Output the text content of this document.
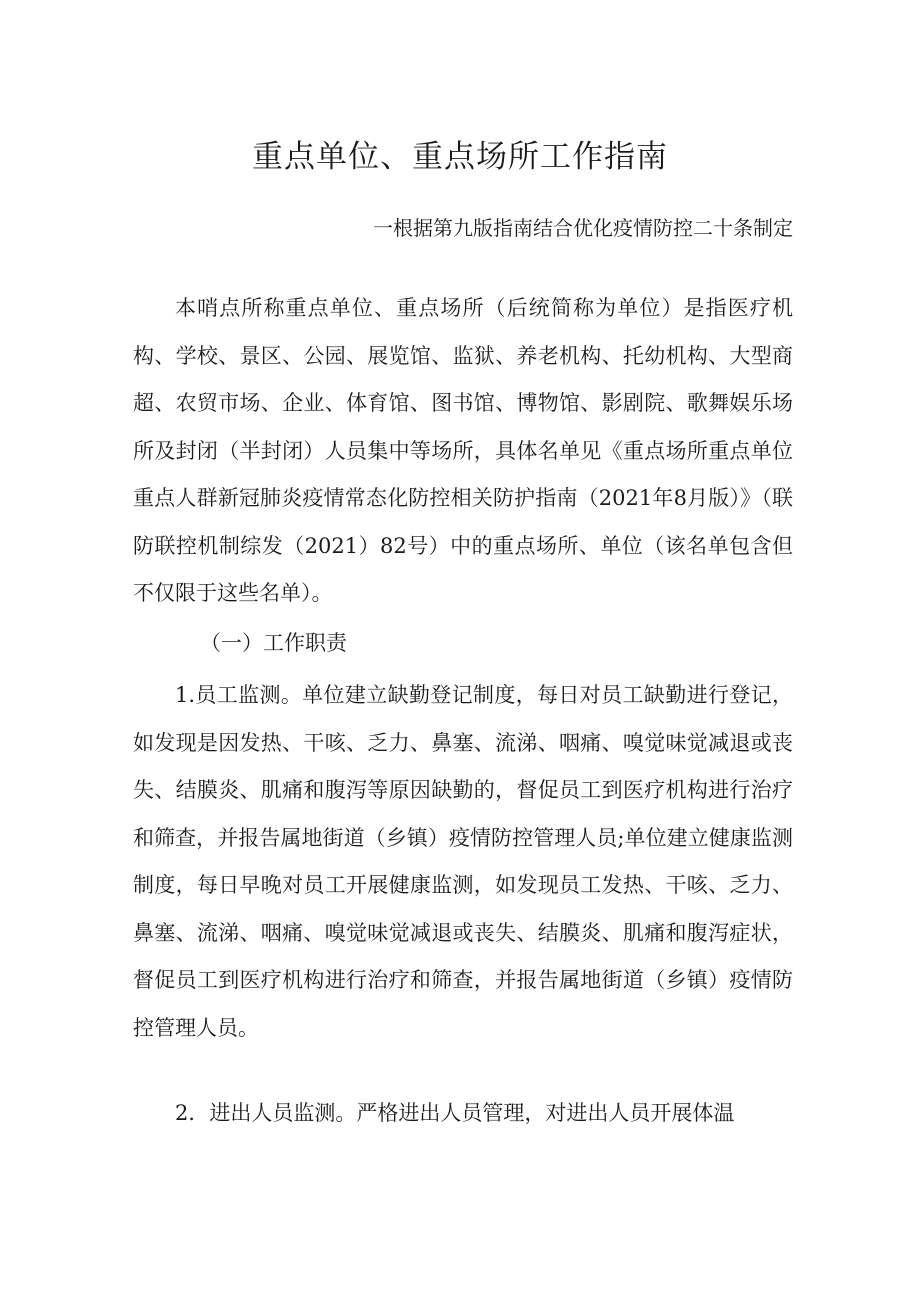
重点单位、重点场所工作指南
一根据第九版指南结合优化疫情防控二十条制定

本哨点所称重点单位、重点场所（后统简称为单位）是指医疗机构、学校、景区、公园、展览馆、监狱、养老机构、托幼机构、大型商超、农贸市场、企业、体育馆、图书馆、博物馆、影剧院、歌舞娱乐场所及封闭（半封闭）人员集中等场所，具体名单见《重点场所重点单位重点人群新冠肺炎疫情常态化防控相关防护指南（2021年8月版）》（联防联控机制综发（2021）82号）中的重点场所、单位（该名单包含但不仅限于这些名单）。

（一）工作职责

1.员工监测。单位建立缺勤登记制度，每日对员工缺勤进行登记，如发现是因发热、干咳、乏力、鼻塞、流涕、咽痛、嗅觉味觉减退或丧失、结膜炎、肌痛和腹泻等原因缺勤的，督促员工到医疗机构进行治疗和筛查，并报告属地街道（乡镇）疫情防控管理人员;单位建立健康监测制度，每日早晚对员工开展健康监测，如发现员工发热、干咳、乏力、鼻塞、流涕、咽痛、嗅觉味觉减退或丧失、结膜炎、肌痛和腹泻症状，督促员工到医疗机构进行治疗和筛查，并报告属地街道（乡镇）疫情防控管理人员。

2．进出人员监测。严格进出人员管理，对进出人员开展体温
